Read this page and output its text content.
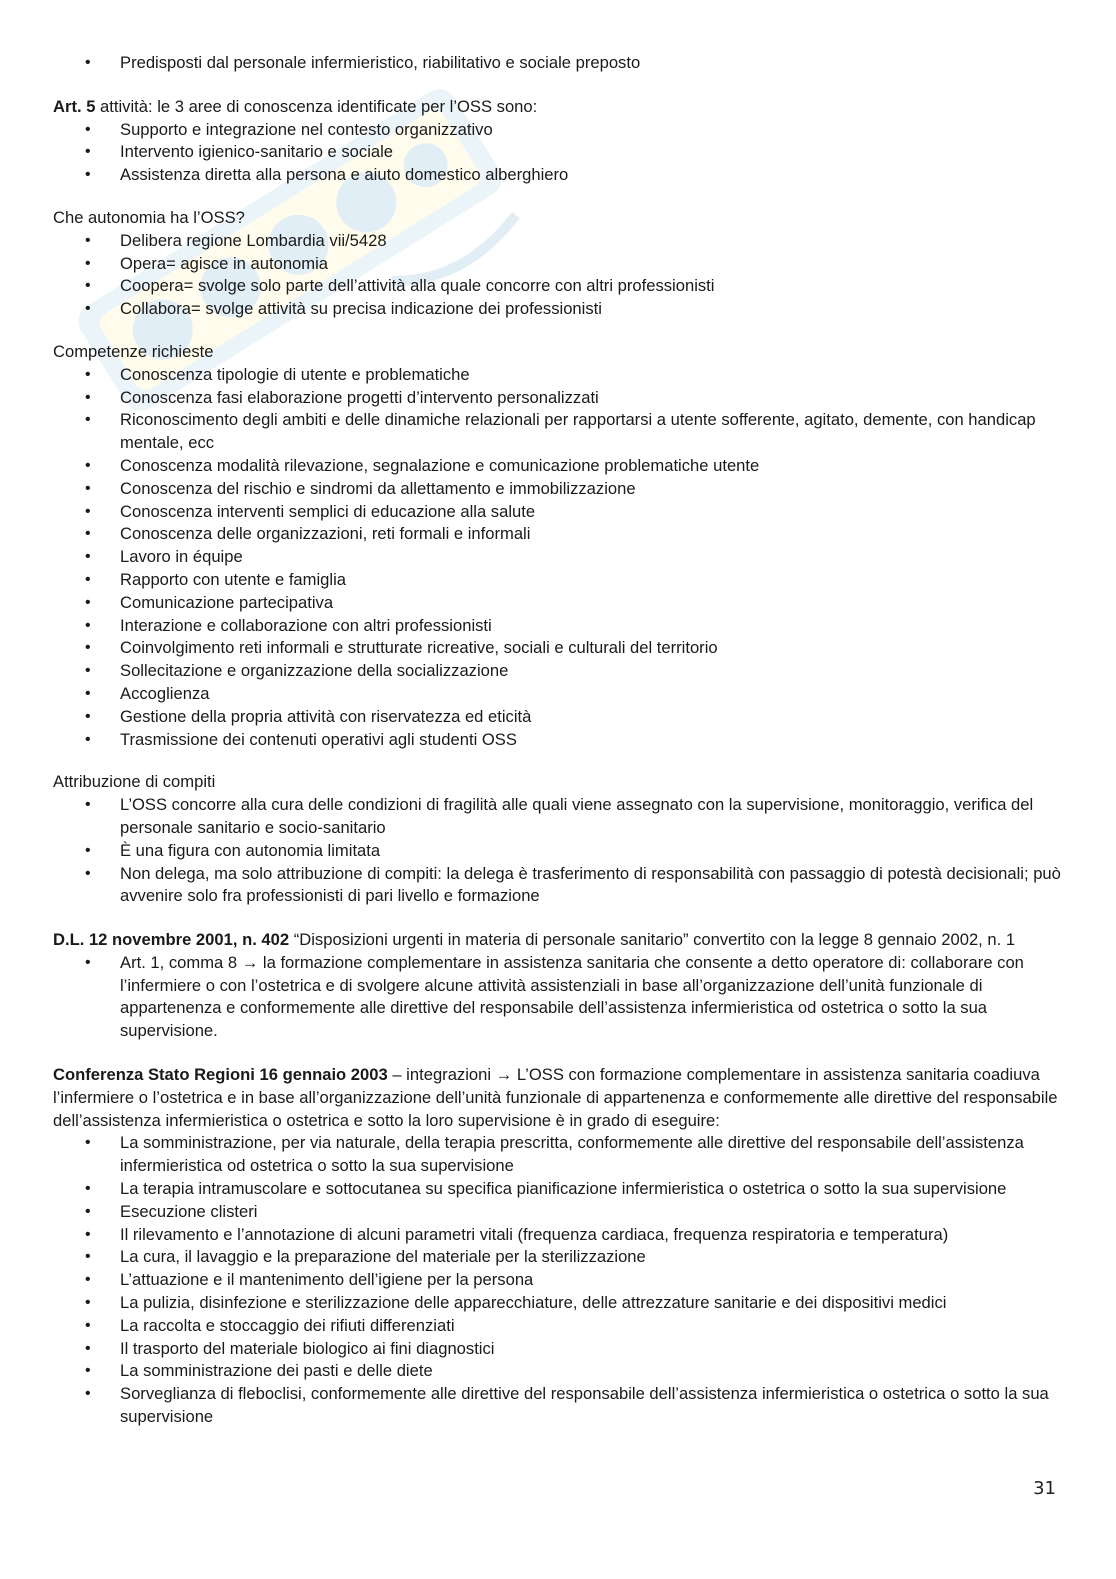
• Predisposti dal personale infermieristico, riabilitativo e sociale preposto

Art. 5 attività: le 3 aree di conoscenza identificate per l’OSS sono:

• Supporto e integrazione nel contesto organizzativo
• Intervento igienico-sanitario e sociale
• Assistenza diretta alla persona e aiuto domestico alberghiero

Che autonomia ha l’OSS?

• Delibera regione Lombardia vii/5428
• Opera= agisce in autonomia
• Coopera= svolge solo parte dell’attività alla quale concorre con altri professionisti
• Collabora= svolge attività su precisa indicazione dei professionisti

Competenze richieste

• Conoscenza tipologie di utente e problematiche
• Conoscenza fasi elaborazione progetti d’intervento personalizzati
• Riconoscimento degli ambiti e delle dinamiche relazionali per rapportarsi a utente sofferente, agitato, demente, con handicap mentale, ecc
• Conoscenza modalità rilevazione, segnalazione e comunicazione problematiche utente
• Conoscenza del rischio e sindromi da allettamento e immobilizzazione
• Conoscenza interventi semplici di educazione alla salute
• Conoscenza delle organizzazioni, reti formali e informali
• Lavoro in équipe
• Rapporto con utente e famiglia
• Comunicazione partecipativa
• Interazione e collaborazione con altri professionisti
• Coinvolgimento reti informali e strutturate ricreative, sociali e culturali del territorio
• Sollecitazione e organizzazione della socializzazione
• Accoglienza
• Gestione della propria attività con riservatezza ed eticità
• Trasmissione dei contenuti operativi agli studenti OSS

Attribuzione di compiti

• L’OSS concorre alla cura delle condizioni di fragilità alle quali viene assegnato con la supervisione, monitoraggio, verifica del personale sanitario e socio-sanitario
• È una figura con autonomia limitata
• Non delega, ma solo attribuzione di compiti: la delega è trasferimento di responsabilità con passaggio di potestà decisionali; può avvenire solo fra professionisti di pari livello e formazione

D.L. 12 novembre 2001, n. 402 “Disposizioni urgenti in materia di personale sanitario” convertito con la legge 8 gennaio 2002, n. 1

• Art. 1, comma 8 → la formazione complementare in assistenza sanitaria che consente a detto operatore di: collaborare con l’infermiere o con l’ostetrica e di svolgere alcune attività assistenziali in base all’organizzazione dell’unità funzionale di appartenenza e conformemente alle direttive del responsabile dell’assistenza infermieristica od ostetrica o sotto la sua supervisione.

Conferenza Stato Regioni 16 gennaio 2003 – integrazioni → L’OSS con formazione complementare in assistenza sanitaria coadiuva l’infermiere o l’ostetrica e in base all’organizzazione dell’unità funzionale di appartenenza e conformemente alle direttive del responsabile dell’assistenza infermieristica o ostetrica e sotto la loro supervisione è in grado di eseguire:

• La somministrazione, per via naturale, della terapia prescritta, conformemente alle direttive del responsabile dell’assistenza infermieristica od ostetrica o sotto la sua supervisione
• La terapia intramuscolare e sottocutanea su specifica pianificazione infermieristica o ostetrica o sotto la sua supervisione
• Esecuzione clisteri
• Il rilevamento e l’annotazione di alcuni parametri vitali (frequenza cardiaca, frequenza respiratoria e temperatura)
• La cura, il lavaggio e la preparazione del materiale per la sterilizzazione
• L’attuazione e il mantenimento dell’igiene per la persona
• La pulizia, disinfezione e sterilizzazione delle apparecchiature, delle attrezzature sanitarie e dei dispositivi medici
• La raccolta e stoccaggio dei rifiuti differenziati
• Il trasporto del materiale biologico ai fini diagnostici
• La somministrazione dei pasti e delle diete
• Sorveglianza di fleboclisi, conformemente alle direttive del responsabile dell’assistenza infermieristica o ostetrica o sotto la sua supervisione
31
